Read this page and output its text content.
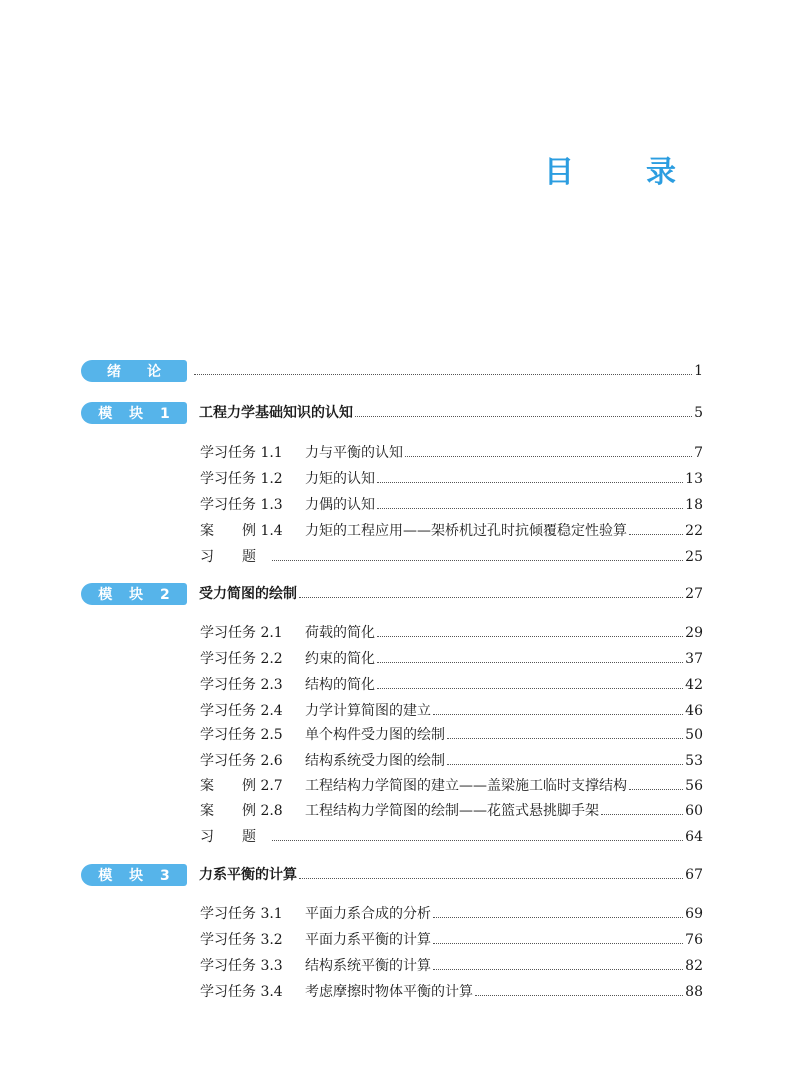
目 录
绪　论	1
模 块 1	工程力学基础知识的认知	5
学习任务 1.1	力与平衡的认知	7
学习任务 1.2	力矩的认知	13
学习任务 1.3	力偶的认知	18
案　　例 1.4	力矩的工程应用——架桥机过孔时抗倾覆稳定性验算	22
习　　题	25
模 块 2	受力简图的绘制	27
学习任务 2.1	荷载的简化	29
学习任务 2.2	约束的简化	37
学习任务 2.3	结构的简化	42
学习任务 2.4	力学计算简图的建立	46
学习任务 2.5	单个构件受力图的绘制	50
学习任务 2.6	结构系统受力图的绘制	53
案　　例 2.7	工程结构力学简图的建立——盖梁施工临时支撑结构	56
案　　例 2.8	工程结构力学简图的绘制——花篮式悬挑脚手架	60
习　　题	64
模 块 3	力系平衡的计算	67
学习任务 3.1	平面力系合成的分析	69
学习任务 3.2	平面力系平衡的计算	76
学习任务 3.3	结构系统平衡的计算	82
学习任务 3.4	考虑摩擦时物体平衡的计算	88
